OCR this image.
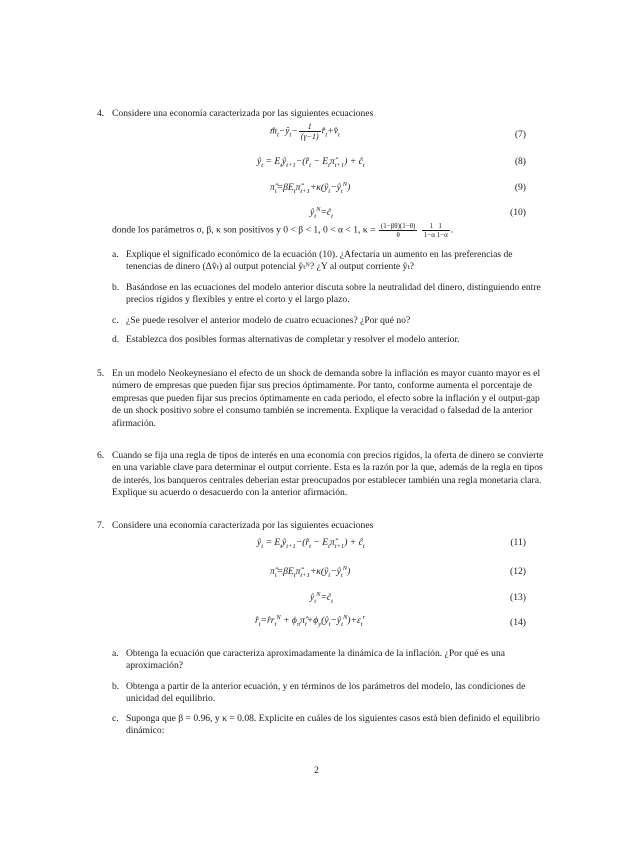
4. Considere una economía caracterizada por las siguientes ecuaciones
$m̂_t-ŷ_t- \frac{1}{(\gamma-1)}$ $r̂_t+v̂_t$	(7)
$ŷ_t$ = $E_tŷ_{t+1}-(r̂_t$ − $E_t\pî_{t+1}$) + $ĉ_t$	(8)
$\pî_t=\beta E_t\pî_{t+1}+\kappa(ŷ_t-ŷ_t^N)$	(9)
$ŷ_t^N=ĉ_t$	(10)
donde los parámetros σ, β, κ son positivos y 0 < β < 1, 0 < α < 1, $\kappa = \frac{(1-\beta\theta)(1-\theta)}{\theta}$
$\frac{1 1}{1-\alpha 1-\alpha}$ .
a. Explique el significado económico de la ecuación (10). ¿Afectaría un aumento en las preferencias de tenencias de dinero (Δv̂ₜ) al output potencial ŷₜᴺ? ¿Y al output corriente ŷₜ?
b. Basándose en las ecuaciones del modelo anterior discuta sobre la neutralidad del dinero, distinguiendo entre precios rígidos y flexibles y entre el corto y el largo plazo.
c. ¿Se puede resolver el anterior modelo de cuatro ecuaciones? ¿Por qué no?
d. Establezca dos posibles formas alternativas de completar y resolver el modelo anterior.
5. En un modelo Neokeynesiano el efecto de un shock de demanda sobre la inflación es mayor cuanto mayor es el número de empresas que pueden fijar sus precios óptimamente. Por tanto, conforme aumenta el porcentaje de empresas que pueden fijar sus precios óptimamente en cada periodo, el efecto sobre la inflación y el output-gap de un shock positivo sobre el consumo también se incrementa. Explique la veracidad o falsedad de la anterior afirmación.
6. Cuando se fija una regla de tipos de interés en una economía con precios rígidos, la oferta de dinero se convierte en una variable clave para determinar el output corriente. Esta es la razón por la que, además de la regla en tipos de interés, los banqueros centrales deberían estar preocupados por establecer también una regla monetaria clara. Explique su acuerdo o desacuerdo con la anterior afirmación.
7. Considere una economía caracterizada por las siguientes ecuaciones
$ŷ_t$ = $E_tŷ_{t+1}-(r̂_t$ − $E_t\pî_{t+1}$) + $ĉ_t$	(11)
$\pî_t=\beta E_t\pî_{t+1}+\kappa(ŷ_t-ŷ_t^N)$	(12)
$ŷ_t^N=ĉ_t$	(13)
$r̂_t=r̂r_t^N$ + $\phi_\pi\pî_t+\phi_y(ŷ_t-ŷ_t^N)+\varepsilon_t^r$	(14)
a. Obtenga la ecuación que caracteriza aproximadamente la dinámica de la inflación. ¿Por qué es una aproximación?
b. Obtenga a partir de la anterior ecuación, y en términos de los parámetros del modelo, las condiciones de unicidad del equilibrio.
c. Suponga que β = 0.96, y κ = 0.08. Explicite en cuáles de los siguientes casos está bien definido el equilibrio dinámico:
2
